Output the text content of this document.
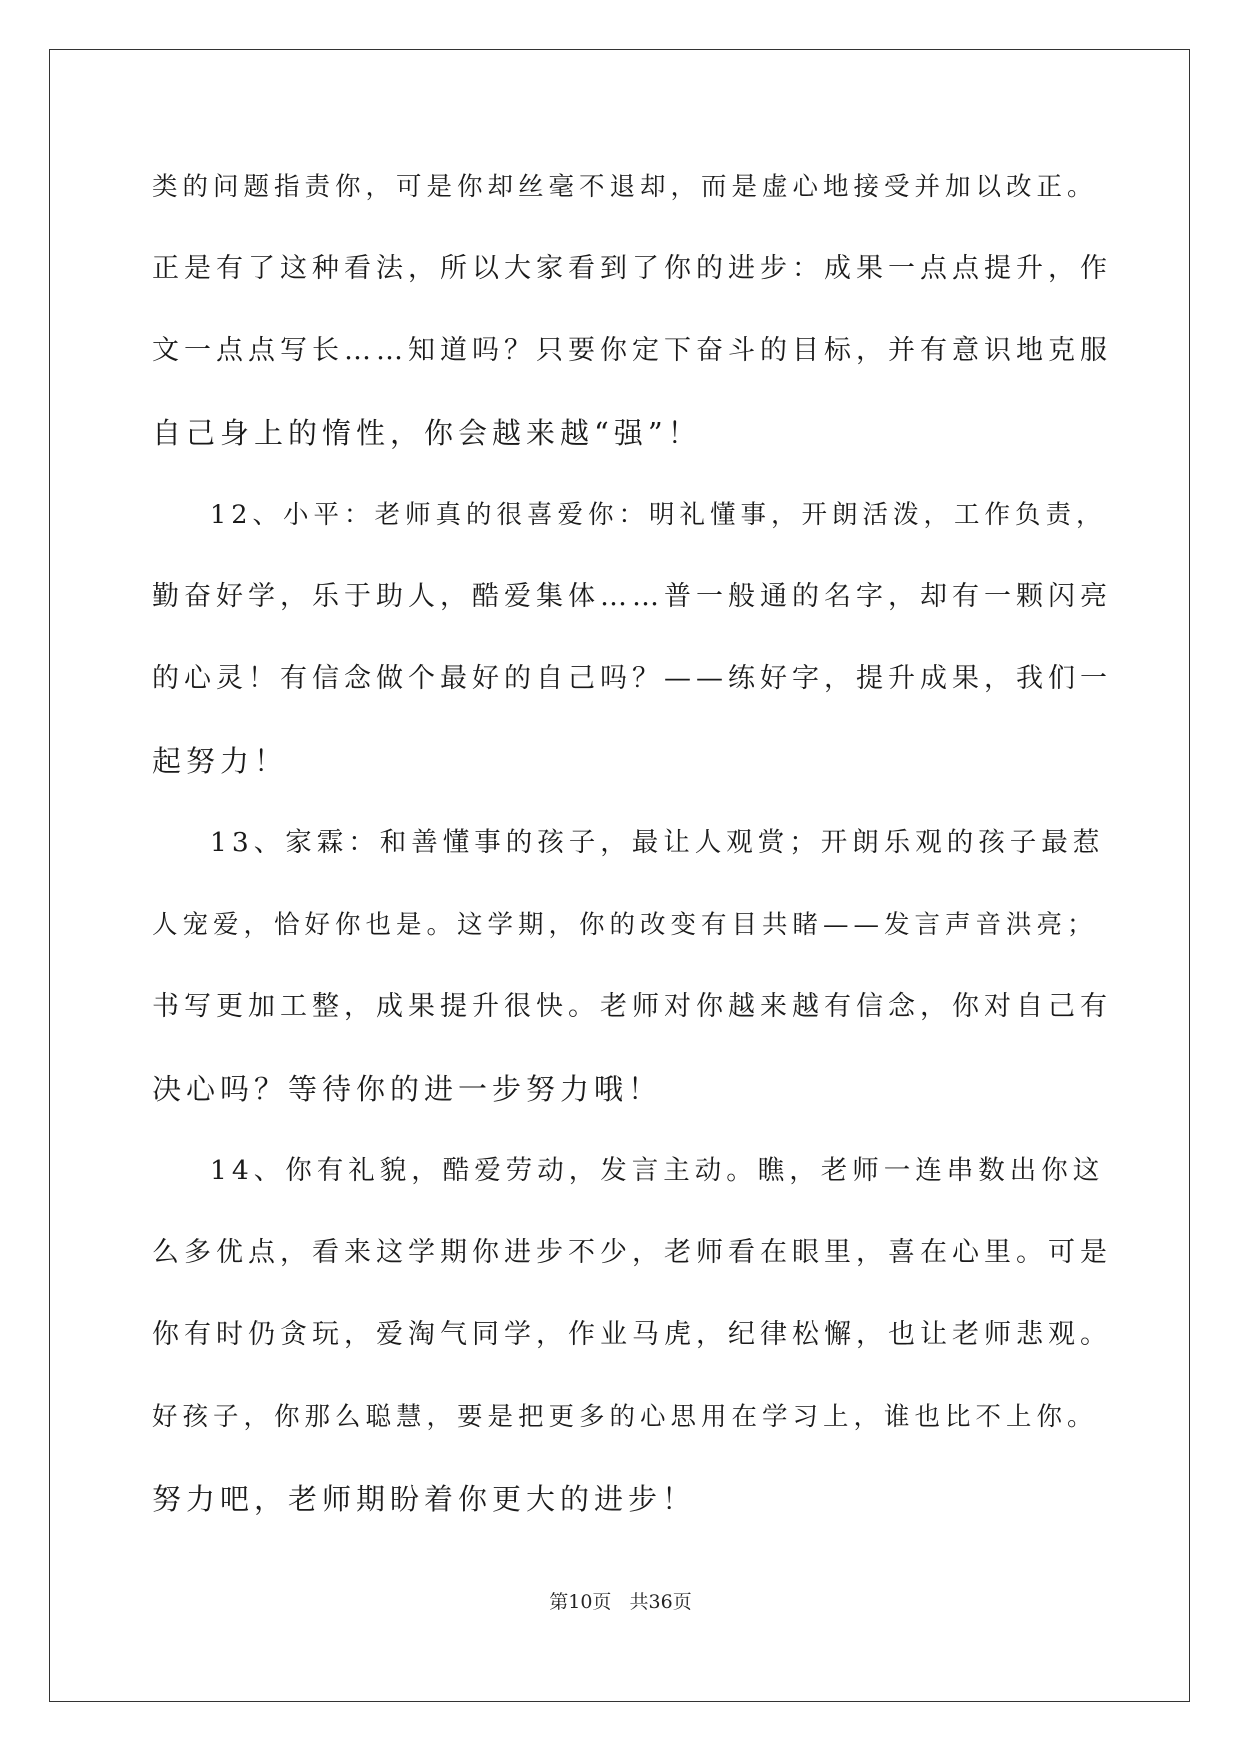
类的问题指责你，可是你却丝毫不退却，而是虚心地接受并加以改正。
正是有了这种看法，所以大家看到了你的进步：成果一点点提升，作
文一点点写长……知道吗？只要你定下奋斗的目标，并有意识地克服
自己身上的惰性，你会越来越“强”！

12、小平：老师真的很喜爱你：明礼懂事，开朗活泼，工作负责，
勤奋好学，乐于助人，酷爱集体……普一般通的名字，却有一颗闪亮
的心灵！有信念做个最好的自己吗？——练好字，提升成果，我们一
起努力！

13、家霖：和善懂事的孩子，最让人观赏；开朗乐观的孩子最惹
人宠爱，恰好你也是。这学期，你的改变有目共睹——发言声音洪亮；
书写更加工整，成果提升很快。老师对你越来越有信念，你对自己有
决心吗？等待你的进一步努力哦！

14、你有礼貌，酷爱劳动，发言主动。瞧，老师一连串数出你这
么多优点，看来这学期你进步不少，老师看在眼里，喜在心里。可是
你有时仍贪玩，爱淘气同学，作业马虎，纪律松懈，也让老师悲观。
好孩子，你那么聪慧，要是把更多的心思用在学习上，谁也比不上你。
努力吧，老师期盼着你更大的进步！

第10页   共36页
